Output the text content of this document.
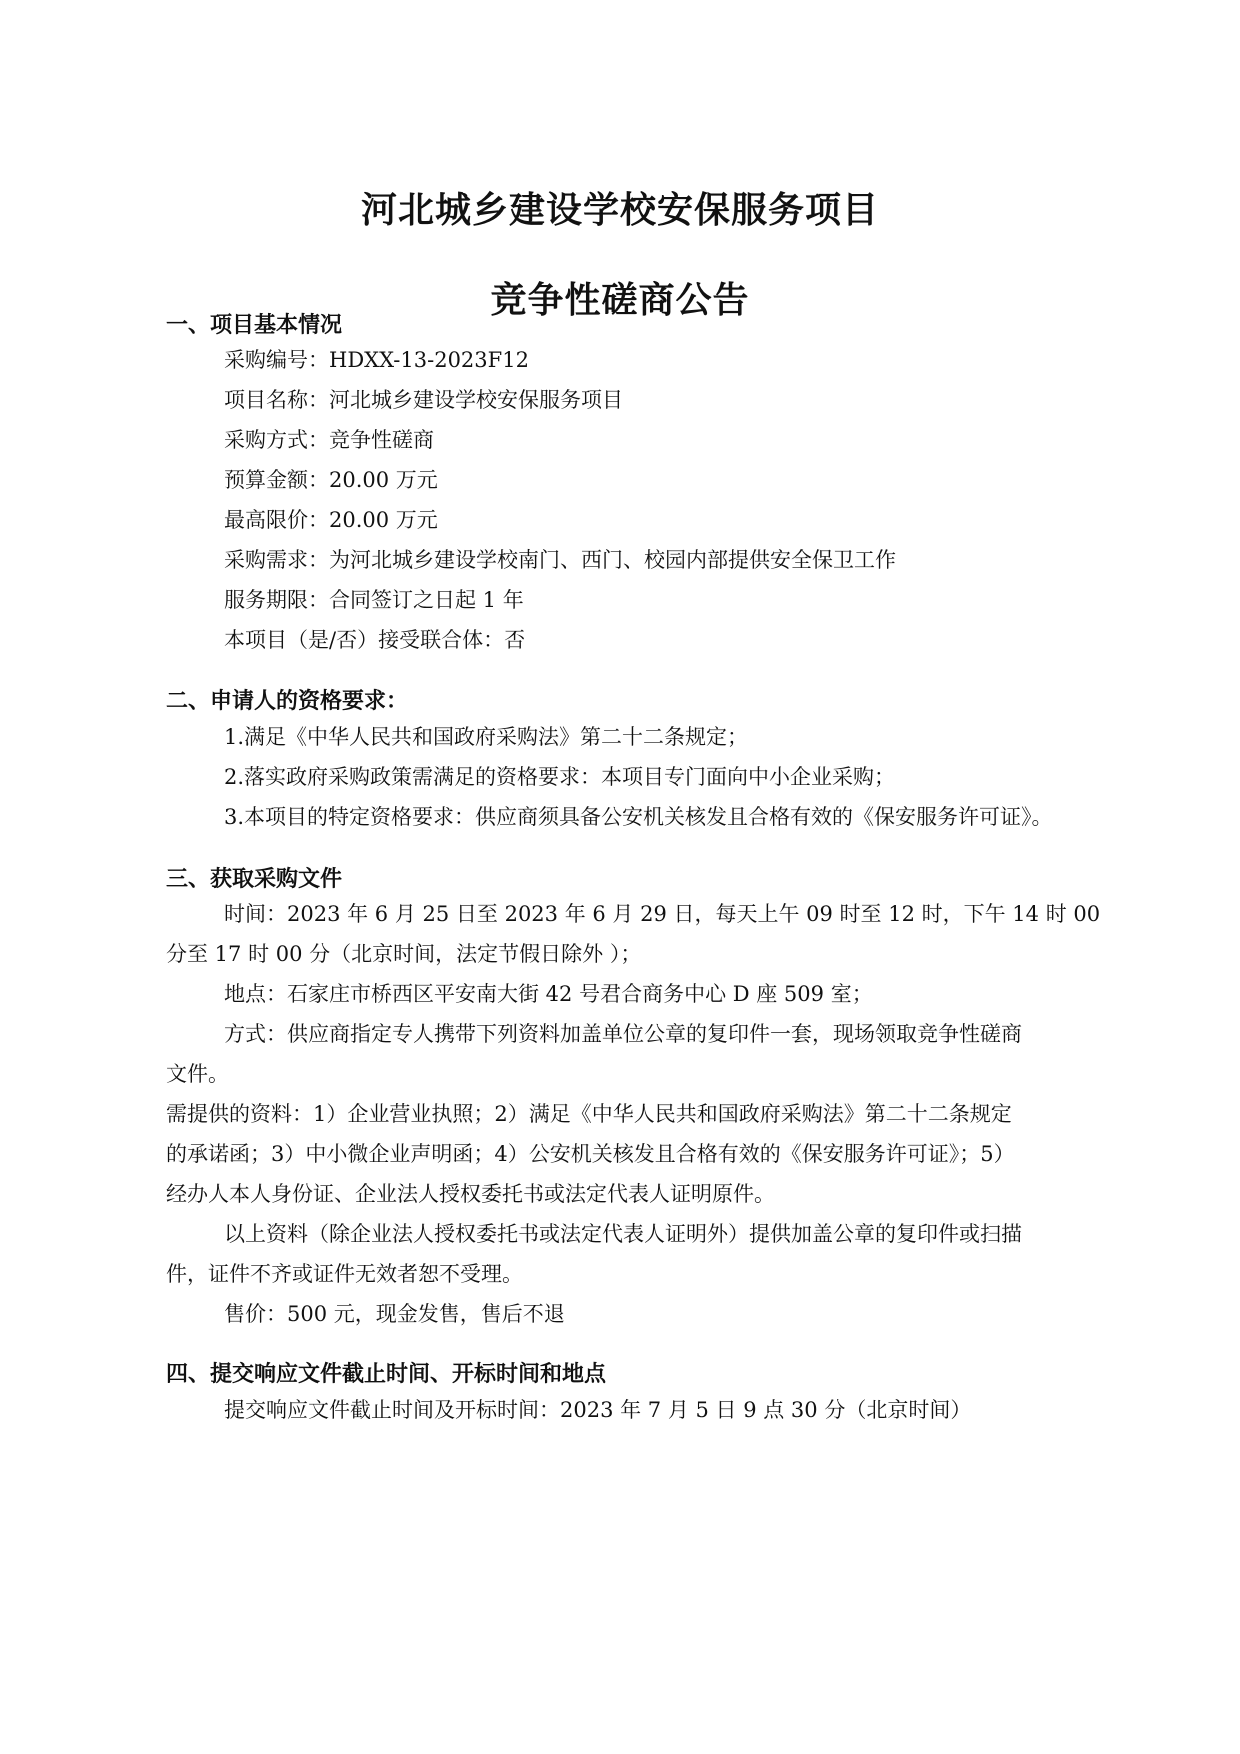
河北城乡建设学校安保服务项目
竞争性磋商公告
一、项目基本情况

采购编号：HDXX-13-2023F12

项目名称：河北城乡建设学校安保服务项目

采购方式：竞争性磋商

预算金额：20.00 万元

最高限价：20.00 万元

采购需求：为河北城乡建设学校南门、西门、校园内部提供安全保卫工作

服务期限：合同签订之日起 1 年

本项目（是/否）接受联合体：否

二、申请人的资格要求：

1.满足《中华人民共和国政府采购法》第二十二条规定；

2.落实政府采购政策需满足的资格要求：本项目专门面向中小企业采购；

3.本项目的特定资格要求：供应商须具备公安机关核发且合格有效的《保安服务许可证》。

三、获取采购文件

时间：2023 年 6 月 25 日至 2023 年 6 月 29 日，每天上午 09 时至 12 时，下午 14 时 00

分至 17 时 00 分（北京时间，法定节假日除外 ）；

地点：石家庄市桥西区平安南大街 42 号君合商务中心 D 座 509 室；

方式：供应商指定专人携带下列资料加盖单位公章的复印件一套，现场领取竞争性磋商

文件。

需提供的资料：1）企业营业执照；2）满足《中华人民共和国政府采购法》第二十二条规定

的承诺函；3）中小微企业声明函；4）公安机关核发且合格有效的《保安服务许可证》；5）

经办人本人身份证、企业法人授权委托书或法定代表人证明原件。

以上资料（除企业法人授权委托书或法定代表人证明外）提供加盖公章的复印件或扫描

件，证件不齐或证件无效者恕不受理。

售价：500 元，现金发售，售后不退

四、提交响应文件截止时间、开标时间和地点

提交响应文件截止时间及开标时间：2023 年 7 月 5 日 9 点 30 分（北京时间）
